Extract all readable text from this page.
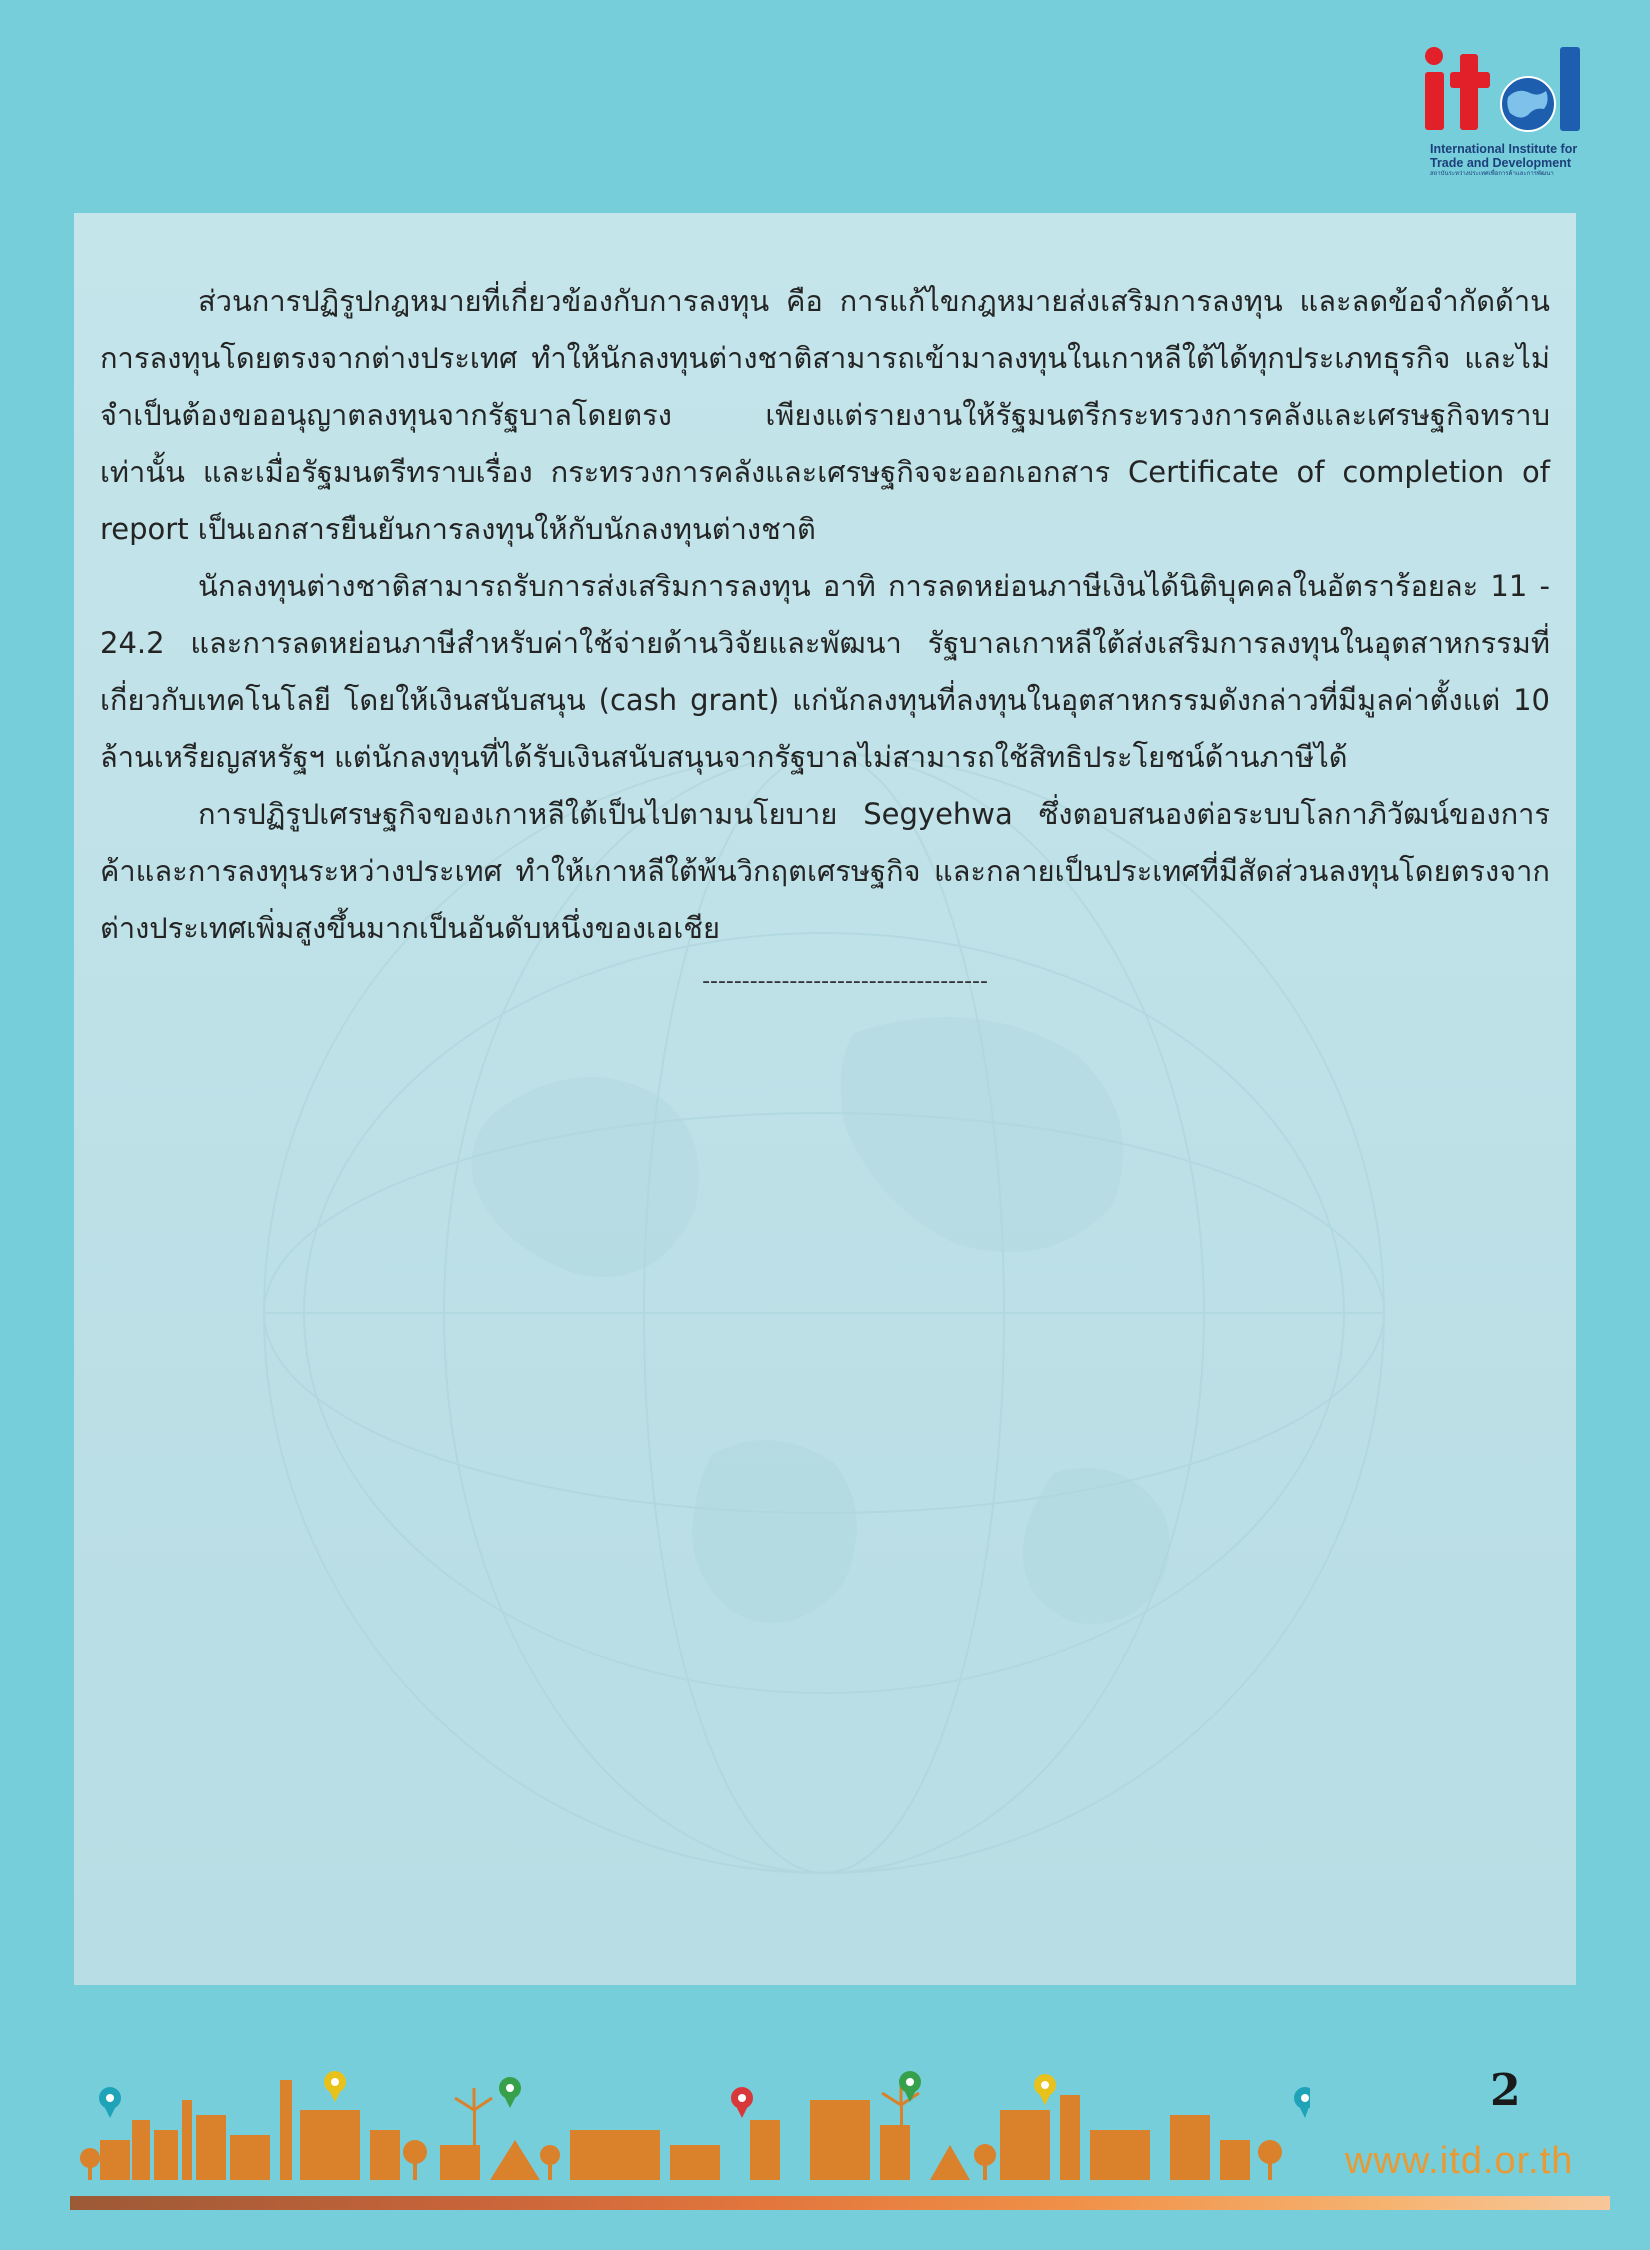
International Institute for
Trade and Development
สถาบันระหว่างประเทศเพื่อการค้าและการพัฒนา

ส่วนการปฏิรูปกฎหมายที่เกี่ยวข้องกับการลงทุน คือ การแก้ไขกฎหมายส่งเสริมการลงทุน และลดข้อจำกัดด้านการลงทุนโดยตรงจากต่างประเทศ ทำให้นักลงทุนต่างชาติสามารถเข้ามาลงทุนในเกาหลีใต้ได้ทุกประเภทธุรกิจ และไม่จำเป็นต้องขออนุญาตลงทุนจากรัฐบาลโดยตรง เพียงแต่รายงานให้รัฐมนตรีกระทรวงการคลังและเศรษฐกิจทราบเท่านั้น และเมื่อรัฐมนตรีทราบเรื่อง กระทรวงการคลังและเศรษฐกิจจะออกเอกสาร Certificate of completion of report เป็นเอกสารยืนยันการลงทุนให้กับนักลงทุนต่างชาติ

นักลงทุนต่างชาติสามารถรับการส่งเสริมการลงทุน อาทิ การลดหย่อนภาษีเงินได้นิติบุคคลในอัตราร้อยละ 11 - 24.2 และการลดหย่อนภาษีสำหรับค่าใช้จ่ายด้านวิจัยและพัฒนา รัฐบาลเกาหลีใต้ส่งเสริมการลงทุนในอุตสาหกรรมที่เกี่ยวกับเทคโนโลยี โดยให้เงินสนับสนุน (cash grant) แก่นักลงทุนที่ลงทุนในอุตสาหกรรมดังกล่าวที่มีมูลค่าตั้งแต่ 10 ล้านเหรียญสหรัฐฯ แต่นักลงทุนที่ได้รับเงินสนับสนุนจากรัฐบาลไม่สามารถใช้สิทธิประโยชน์ด้านภาษีได้

การปฏิรูปเศรษฐกิจของเกาหลีใต้เป็นไปตามนโยบาย Segyehwa ซึ่งตอบสนองต่อระบบโลกาภิวัฒน์ของการค้าและการลงทุนระหว่างประเทศ ทำให้เกาหลีใต้พ้นวิกฤตเศรษฐกิจ และกลายเป็นประเทศที่มีสัดส่วนลงทุนโดยตรงจากต่างประเทศเพิ่มสูงขึ้นมากเป็นอันดับหนึ่งของเอเชีย

------------------------------------
2
www.itd.or.th
